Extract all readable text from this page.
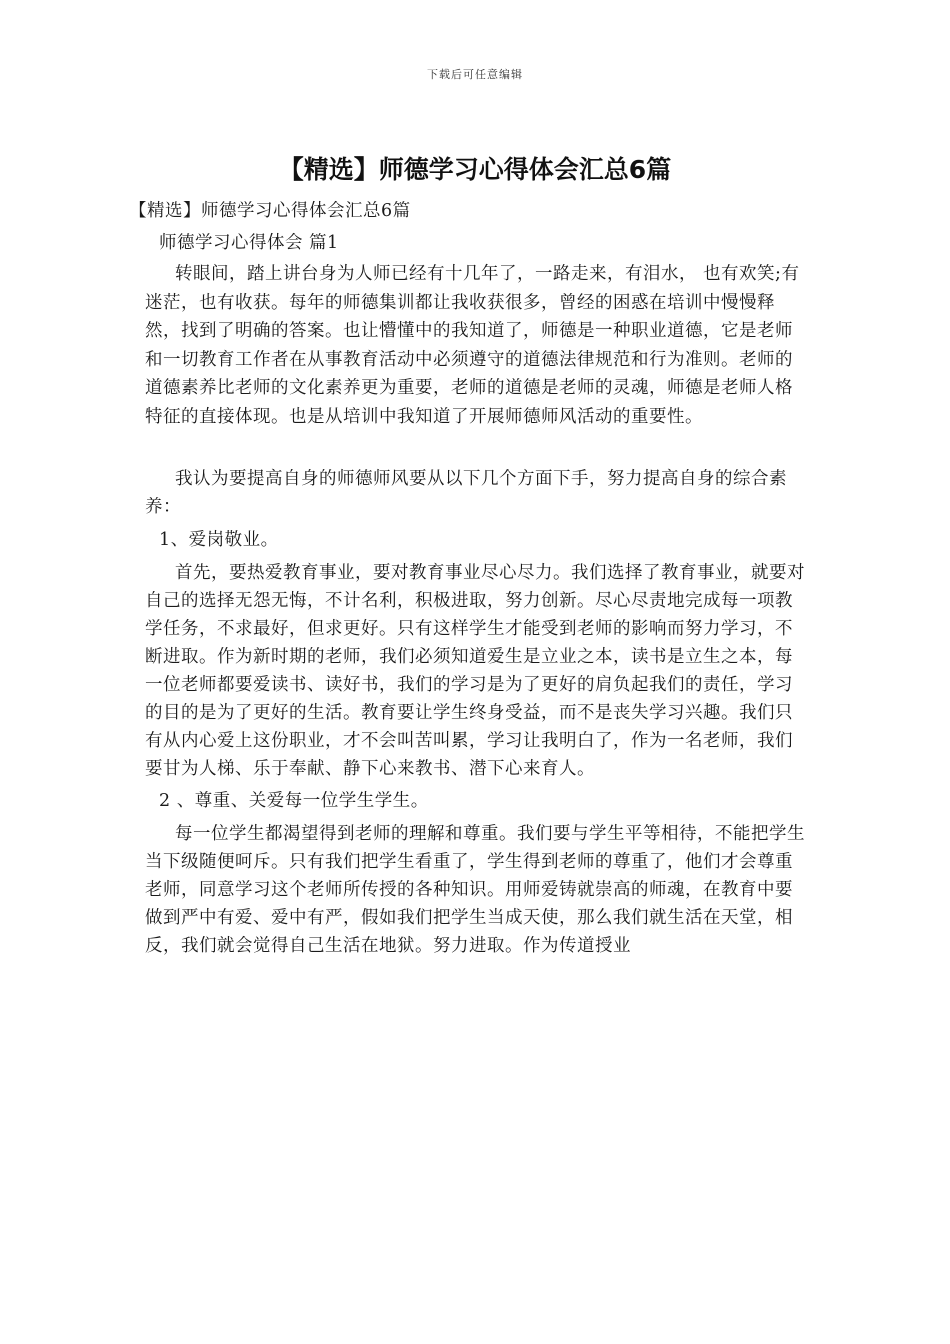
下载后可任意编辑
【精选】师德学习心得体会汇总6篇

【精选】师德学习心得体会汇总6篇

师德学习心得体会 篇1

转眼间，踏上讲台身为人师已经有十几年了，一路走来，有泪水， 也有欢笑;有迷茫，也有收获。每年的师德集训都让我收获很多，曾经的困惑在培训中慢慢释然，找到了明确的答案。也让懵懂中的我知道了，师德是一种职业道德，它是老师和一切教育工作者在从事教育活动中必须遵守的道德法律规范和行为准则。老师的道德素养比老师的文化素养更为重要，老师的道德是老师的灵魂，师德是老师人格特征的直接体现。也是从培训中我知道了开展师德师风活动的重要性。

我认为要提高自身的师德师风要从以下几个方面下手，努力提高自身的综合素养：

1、爱岗敬业。

首先，要热爱教育事业，要对教育事业尽心尽力。我们选择了教育事业，就要对自己的选择无怨无悔，不计名利，积极进取，努力创新。尽心尽责地完成每一项教学任务，不求最好，但求更好。只有这样学生才能受到老师的影响而努力学习，不断进取。作为新时期的老师，我们必须知道爱生是立业之本，读书是立生之本，每一位老师都要爱读书、读好书，我们的学习是为了更好的肩负起我们的责任，学习的目的是为了更好的生活。教育要让学生终身受益，而不是丧失学习兴趣。我们只有从内心爱上这份职业，才不会叫苦叫累，学习让我明白了，作为一名老师，我们要甘为人梯、乐于奉献、静下心来教书、潜下心来育人。

2 、尊重、关爱每一位学生学生。

每一位学生都渴望得到老师的理解和尊重。我们要与学生平等相待，不能把学生当下级随便呵斥。只有我们把学生看重了，学生得到老师的尊重了，他们才会尊重老师，同意学习这个老师所传授的各种知识。用师爱铸就崇高的师魂，在教育中要做到严中有爱、爱中有严，假如我们把学生当成天使，那么我们就生活在天堂，相反，我们就会觉得自己生活在地狱。努力进取。作为传道授业
